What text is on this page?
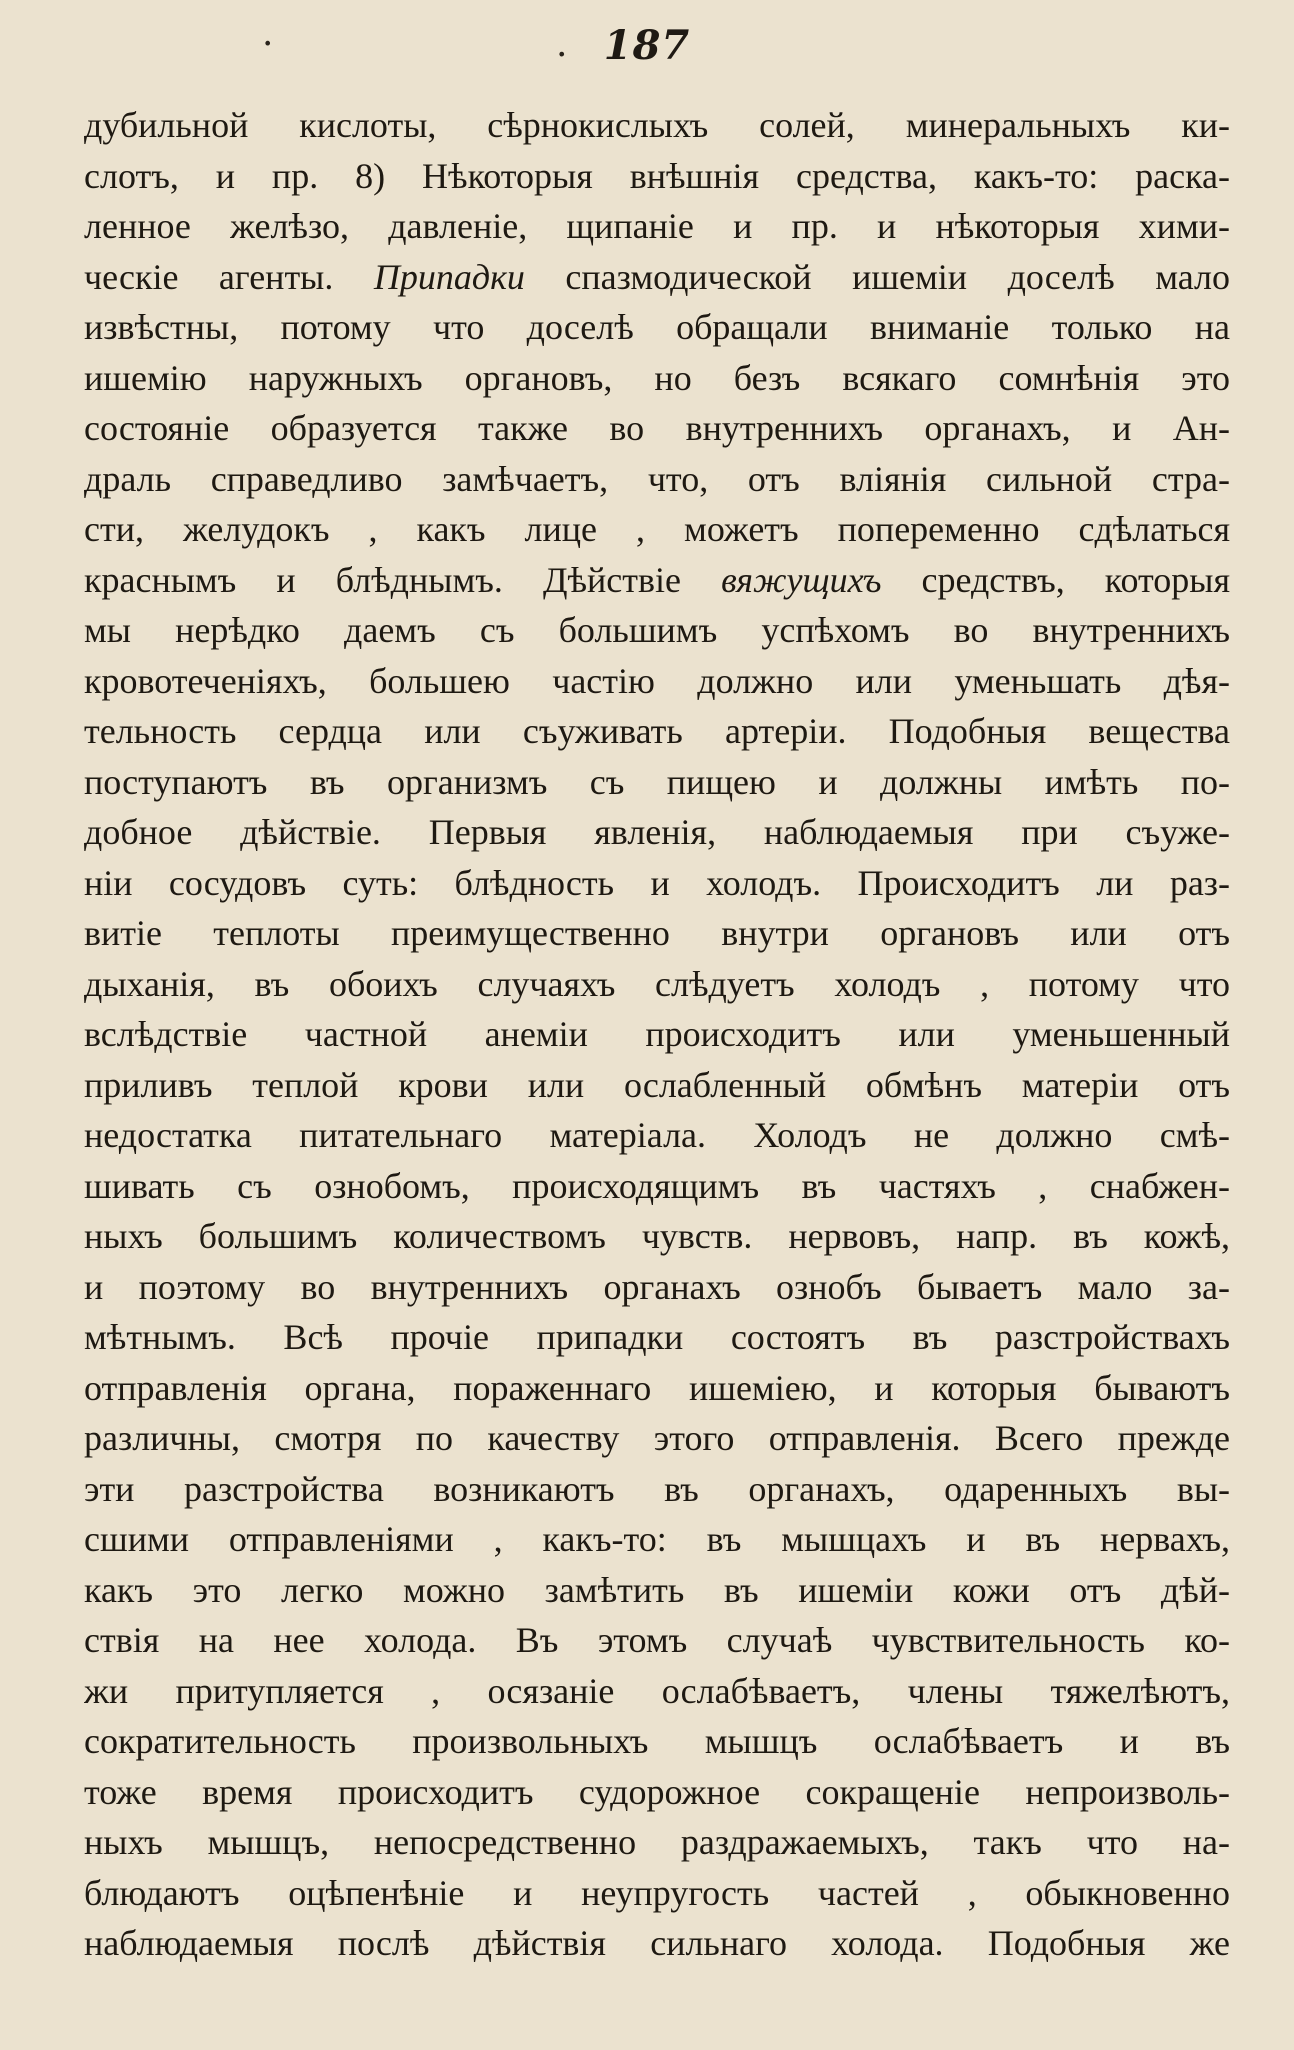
·	. 187
дубильной кислоты, сѣрнокислыхъ солей, минеральныхъ ки-
слотъ, и пр. 8) Нѣкоторыя внѣшнія средства, какъ-то: раска-
ленное желѣзо, давленіе, щипаніе и пр. и нѣкоторыя хими-
ческіе агенты. Припадки спазмодической ишеміи доселѣ мало
извѣстны, потому что доселѣ обращали вниманіе только на
ишемію наружныхъ органовъ, но безъ всякаго сомнѣнія это
состояніе образуется также во внутреннихъ органахъ, и Ан-
драль справедливо замѣчаетъ, что, отъ вліянія сильной стра-
сти, желудокъ , какъ лице , можетъ попеременно сдѣлаться
краснымъ и блѣднымъ. Дѣйствіе вяжущихъ средствъ, которыя
мы нерѣдко даемъ съ большимъ успѣхомъ во внутреннихъ
кровотеченіяхъ, большею частію должно или уменьшать дѣя-
тельность сердца или съуживать артеріи. Подобныя вещества
поступаютъ въ организмъ съ пищею и должны имѣть по-
добное дѣйствіе. Первыя явленія, наблюдаемыя при съуже-
ніи сосудовъ суть: блѣдность и холодъ. Происходитъ ли раз-
витіе теплоты преимущественно внутри органовъ или отъ
дыханія, въ обоихъ случаяхъ слѣдуетъ холодъ , потому что
вслѣдствіе частной анеміи происходитъ или уменьшенный
приливъ теплой крови или ослабленный обмѣнъ матеріи отъ
недостатка питательнаго матеріала. Холодъ не должно смѣ-
шивать съ ознобомъ, происходящимъ въ частяхъ , снабжен-
ныхъ большимъ количествомъ чувств. нервовъ, напр. въ кожѣ,
и поэтому во внутреннихъ органахъ ознобъ бываетъ мало за-
мѣтнымъ. Всѣ прочіе припадки состоятъ въ разстройствахъ
отправленія органа, пораженнаго ишеміею, и которыя бываютъ
различны, смотря по качеству этого отправленія. Всего прежде
эти разстройства возникаютъ въ органахъ, одаренныхъ вы-
сшими отправленіями , какъ-то: въ мышцахъ и въ нервахъ,
какъ это легко можно замѣтить въ ишеміи кожи отъ дѣй-
ствія на нее холода. Въ этомъ случаѣ чувствительность ко-
жи притупляется , осязаніе ослабѣваетъ, члены тяжелѣютъ,
сократительность произвольныхъ мышцъ ослабѣваетъ и въ
тоже время происходитъ судорожное сокращеніе непроизволь-
ныхъ мышцъ, непосредственно раздражаемыхъ, такъ что на-
блюдаютъ оцѣпенѣніе и неупругость частей , обыкновенно
наблюдаемыя послѣ дѣйствія сильнаго холода. Подобныя же
